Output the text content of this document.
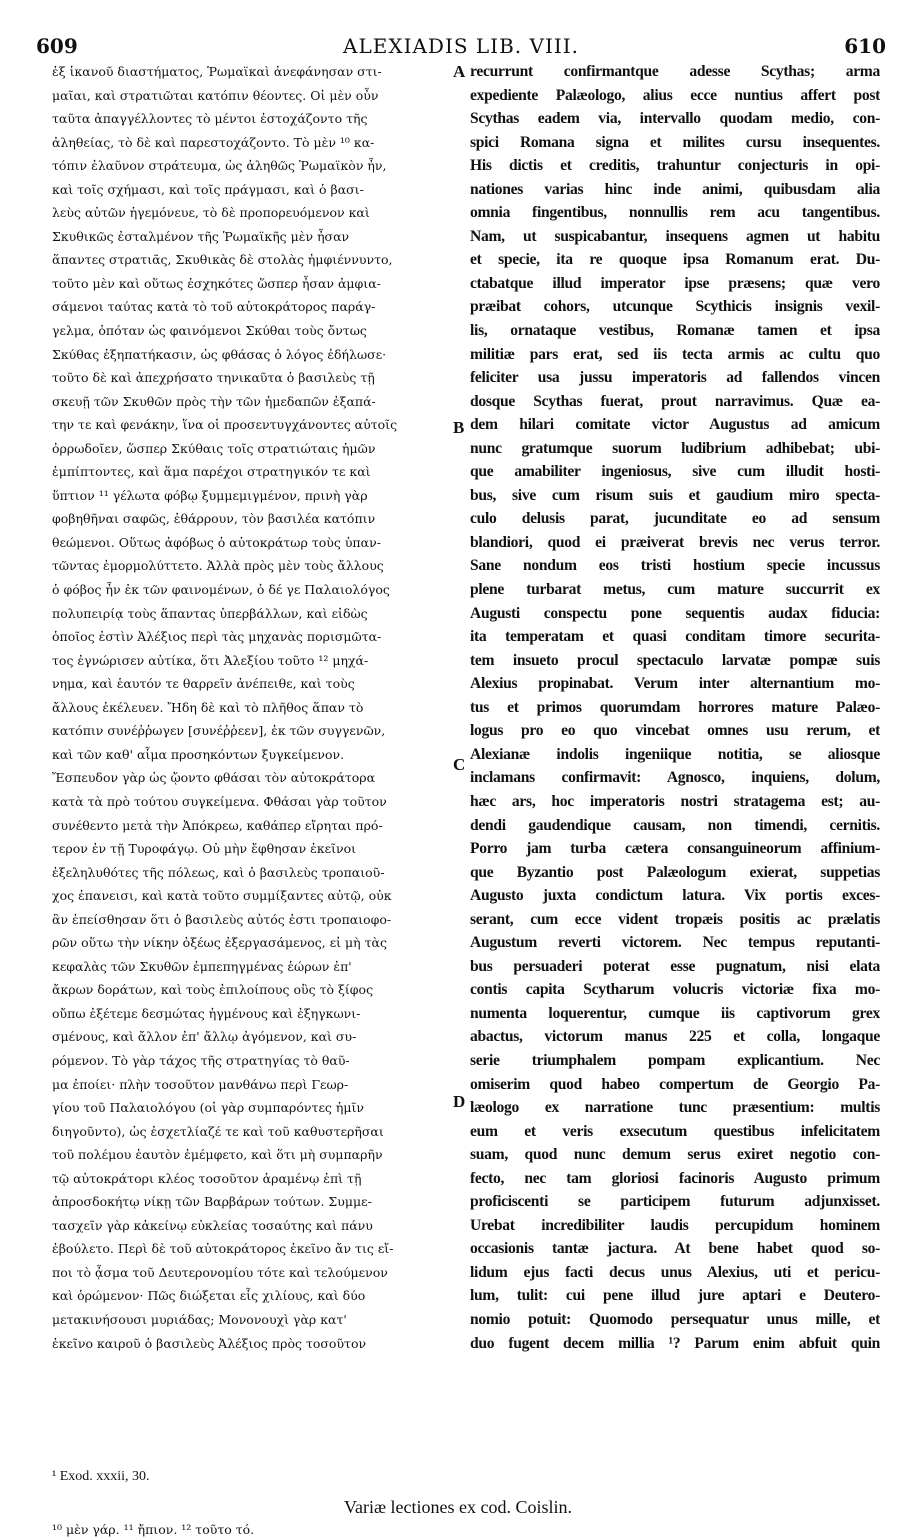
609	ALEXIADIS LIB. VIII.	610
ἐξ ἱκανοῦ διαστήματος, Ῥωμαϊκαὶ ἀνεφάνησαν στι-
μαῖαι, καὶ στρατιῶται κατόπιν θέοντες. Οἱ μὲν οὖν
ταῦτα ἀπαγγέλλοντες τὸ μέντοι ἐστοχάζοντο τῆς
ἀληθείας, τὸ δὲ καὶ παρεστοχάζοντο. Τὸ μὲν ¹⁰ κα-
τόπιν ἐλαῦνον στράτευμα, ὡς ἀληθῶς Ῥωμαϊκὸν ἦν,
καὶ τοῖς σχήμασι, καὶ τοῖς πράγμασι, καὶ ὁ βασι-
λεὺς αὐτῶν ἡγεμόνευε, τὸ δὲ προπορευόμενον καὶ
Σκυθικῶς ἐσταλμένον τῆς Ῥωμαϊκῆς μὲν ἦσαν
ἅπαντες στρατιᾶς, Σκυθικὰς δὲ στολὰς ἠμφιέννυντο,
τοῦτο μὲν καὶ οὕτως ἐσχηκότες ὥσπερ ἦσαν ἀμφια-
σάμενοι ταύτας κατὰ τὸ τοῦ αὐτοκράτορος παράγ-
γελμα, ὁπόταν ὡς φαινόμενοι Σκύθαι τοὺς ὄντως
Σκύθας ἐξηπατήκασιν, ὡς φθάσας ὁ λόγος ἐδήλωσε·
τοῦτο δὲ καὶ ἀπεχρήσατο τηνικαῦτα ὁ βασιλεὺς τῇ
σκευῇ τῶν Σκυθῶν πρὸς τὴν τῶν ἡμεδαπῶν ἐξαπά-
την τε καὶ φενάκην, ἵνα οἱ προσεντυγχάνοντες αὐτοῖς
ὀρρωδοῖεν, ὥσπερ Σκύθαις τοῖς στρατιώταις ἡμῶν
ἐμπίπτοντες, καὶ ἅμα παρέχοι στρατηγικόν τε καὶ
ὕπτιον ¹¹ γέλωτα φόβῳ ξυμμεμιγμένον, πρινὴ γὰρ
φοβηθῆναι σαφῶς, ἐθάρρουν, τὸν βασιλέα κατόπιν
θεώμενοι. Οὕτως ἀφόβως ὁ αὐτοκράτωρ τοὺς ὑπαν-
τῶντας ἐμορμολύττετο. Ἀλλὰ πρὸς μὲν τοὺς ἄλλους
ὁ φόβος ἦν ἐκ τῶν φαινομένων, ὁ δέ γε Παλαιολόγος
πολυπειρίᾳ τοὺς ἅπαντας ὑπερβάλλων, καὶ εἰδὼς
ὁποῖος ἐστὶν Ἀλέξιος περὶ τὰς μηχανὰς πορισμῶτα-
τος ἐγνώρισεν αὐτίκα, ὅτι Ἀλεξίου τοῦτο ¹² μηχά-
νημα, καὶ ἑαυτόν τε θαρρεῖν ἀνέπειθε, καὶ τοὺς
ἄλλους ἐκέλευεν. Ἤδη δὲ καὶ τὸ πλῆθος ἅπαν τὸ
κατόπιν συνέῤῥωγεν [συνέῤῥεεν], ἐκ τῶν συγγενῶν,
καὶ τῶν καθ' αἷμα προσηκόντων ξυγκείμενον.
Ἔσπευδον γὰρ ὡς ᾤοντο φθάσαι τὸν αὐτοκράτορα
κατὰ τὰ πρὸ τούτου συγκείμενα. Φθάσαι γὰρ τοῦτον
συνέθεντο μετὰ τὴν Ἀπόκρεω, καθάπερ εἴρηται πρό-
τερον ἐν τῇ Τυροφάγῳ. Οὐ μὴν ἔφθησαν ἐκεῖνοι
ἐξεληλυθότες τῆς πόλεως, καὶ ὁ βασιλεὺς τροπαιοῦ-
χος ἐπανεισι, καὶ κατὰ τοῦτο συμμίξαντες αὐτῷ, οὐκ
ἂν ἐπείσθησαν ὅτι ὁ βασιλεὺς αὐτός ἐστι τροπαιοφο-
ρῶν οὕτω τὴν νίκην ὀξέως ἐξεργασάμενος, εἰ μὴ τὰς
κεφαλὰς τῶν Σκυθῶν ἐμπεπηγμένας ἑώρων ἐπ'
ἄκρων δοράτων, καὶ τοὺς ἐπιλοίπους οὓς τὸ ξίφος
οὔπω ἐξέτεμε δεσμώτας ἡγμένους καὶ ἐξηγκωνι-
σμένους, καὶ ἄλλον ἐπ' ἄλλῳ ἀγόμενον, καὶ συ-
ρόμενον. Τὸ γὰρ τάχος τῆς στρατηγίας τὸ θαῦ-
μα ἐποίει· πλὴν τοσοῦτον μανθάνω περὶ Γεωρ-
γίου τοῦ Παλαιολόγου (οἱ γὰρ συμπαρόντες ἡμῖν
διηγοῦντο), ὡς ἐσχετλίαζέ τε καὶ τοῦ καθυστερῆσαι
τοῦ πολέμου ἑαυτὸν ἐμέμφετο, καὶ ὅτι μὴ συμπαρῆν
τῷ αὐτοκράτορι κλέος τοσοῦτον ἀραμένῳ ἐπὶ τῇ
ἀπροσδοκήτῳ νίκῃ τῶν Βαρβάρων τούτων. Συμμε-
τασχεῖν γὰρ κἀκείνῳ εὐκλείας τοσαύτης καὶ πάνυ
ἐβούλετο. Περὶ δὲ τοῦ αὐτοκράτορος ἐκεῖνο ἄν τις εἴ-
ποι τὸ ᾆσμα τοῦ Δευτερονομίου τότε καὶ τελούμενον
καὶ ὁρώμενον· Πῶς διώξεται εἷς χιλίους, καὶ δύο
μετακινήσουσι μυριάδας; Μονονουχὶ γὰρ κατ'
ἐκεῖνο καιροῦ ὁ βασιλεὺς Ἀλέξιος πρὸς τοσοῦτον
recurrunt confirmantque adesse Scythas; arma
expediente Palæologo, alius ecce nuntius affert post
Scythas eadem via, intervallo quodam medio, con-
spici Romana signa et milites cursu insequentes.
His dictis et creditis, trahuntur conjecturis in opi-
nationes varias hinc inde animi, quibusdam alia
omnia fingentibus, nonnullis rem acu tangentibus.
Nam, ut suspicabantur, insequens agmen ut habitu
et specie, ita re quoque ipsa Romanum erat. Du-
ctabatque illud imperator ipse præsens; quæ vero
præibat cohors, utcunque Scythicis insignis vexil-
lis, ornataque vestibus, Romanæ tamen et ipsa
militiæ pars erat, sed iis tecta armis ac cultu quo
feliciter usa jussu imperatoris ad fallendos vincen
dosque Scythas fuerat, prout narravimus. Quæ ea-
dem hilari comitate victor Augustus ad amicum
nunc gratumque suorum ludibrium adhibebat; ubi-
que amabiliter ingeniosus, sive cum illudit hosti-
bus, sive cum risum suis et gaudium miro specta-
culo delusis parat, jucunditate eo ad sensum
blandiori, quod ei præiverat brevis nec verus terror.
Sane nondum eos tristi hostium specie incussus
plene turbarat metus, cum mature succurrit ex
Augusti conspectu pone sequentis audax fiducia:
ita temperatam et quasi conditam timore securita-
tem insueto procul spectaculo larvatæ pompæ suis
Alexius propinabat. Verum inter alternantium mo-
tus et primos quorumdam horrores mature Palæo-
logus pro eo quo vincebat omnes usu rerum, et
Alexianæ indolis ingeniique notitia, se aliosque
inclamans confirmavit: Agnosco, inquiens, dolum,
hæc ars, hoc imperatoris nostri stratagema est; au-
dendi gaudendique causam, non timendi, cernitis.
Porro jam turba cætera consanguineorum affinium-
que Byzantio post Palæologum exierat, suppetias
Augusto juxta condictum latura. Vix portis exces-
serant, cum ecce vident tropæis positis ac prælatis
Augustum reverti victorem. Nec tempus reputanti-
bus persuaderi poterat esse pugnatum, nisi elata
contis capita Scytharum volucris victoriæ fixa mo-
numenta loquerentur, cumque iis captivorum grex
abactus, victorum manus 225 et colla, longaque
serie triumphalem pompam explicantium. Nec
omiserim quod habeo compertum de Georgio Pa-
læologo ex narratione tunc præsentium: multis
eum et veris exsecutum questibus infelicitatem
suam, quod nunc demum serus exiret negotio con-
fecto, nec tam gloriosi facinoris Augusto primum
proficiscenti se participem futurum adjunxisset.
Urebat incredibiliter laudis percupidum hominem
occasionis tantæ jactura. At bene habet quod so-
lidum ejus facti decus unus Alexius, uti et pericu-
lum, tulit: cui pene illud jure aptari e Deutero-
nomio potuit: Quomodo persequatur unus mille, et
duo fugent decem millia ¹? Parum enim abfuit quin
A
B
C
D
¹ Exod. xxxii, 30.
Variæ lectiones ex cod. Coislin.
¹⁰ μὲν γάρ. ¹¹ ἤπιον. ¹² τοῦτο τό.
